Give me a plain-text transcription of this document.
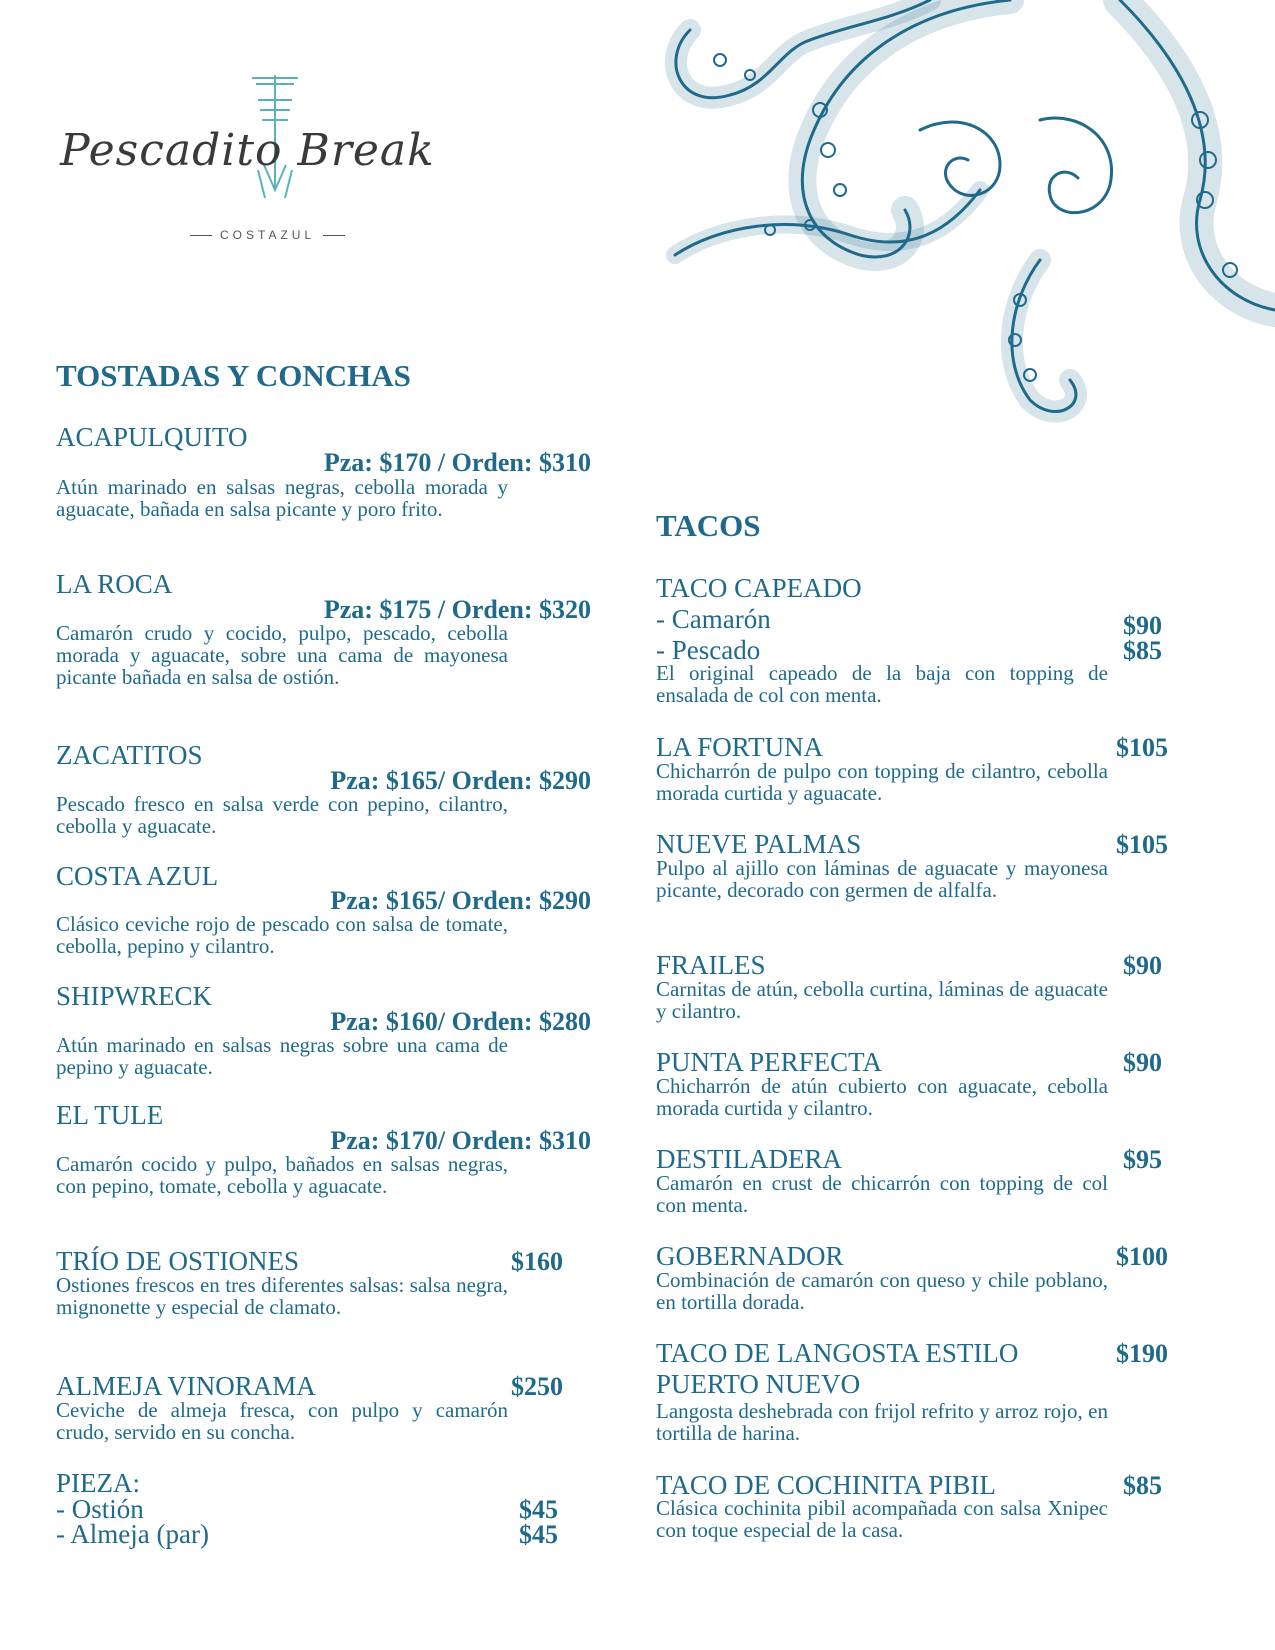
Pescadito Break
COSTAZUL
TOSTADAS Y CONCHAS
ACAPULQUITO
Pza: $170 / Orden: $310
Atún marinado en salsas negras, cebolla morada y aguacate, bañada en salsa picante y poro frito.
LA ROCA
Pza: $175 / Orden: $320
Camarón crudo y cocido, pulpo, pescado, cebolla morada y aguacate, sobre una cama de mayonesa picante bañada en salsa de ostión.
ZACATITOS
Pza: $165/ Orden: $290
Pescado fresco en salsa verde con pepino, cilantro, cebolla y aguacate.
COSTA AZUL
Pza: $165/ Orden: $290
Clásico ceviche rojo de pescado con salsa de tomate, cebolla, pepino y cilantro.
SHIPWRECK
Pza: $160/ Orden: $280
Atún marinado en salsas negras sobre una cama de pepino y aguacate.
EL TULE
Pza: $170/ Orden: $310
Camarón cocido y pulpo, bañados en salsas negras, con pepino, tomate, cebolla y aguacate.
TRÍO DE OSTIONES	$160
Ostiones frescos en tres diferentes salsas: salsa negra, mignonette y especial de clamato.
ALMEJA VINORAMA	$250
Ceviche de almeja fresca, con pulpo y camarón crudo, servido en su concha.
PIEZA:
- Ostión	$45
- Almeja (par)	$45
TACOS
TACO CAPEADO
- Camarón	$90
- Pescado	$85
El original capeado de la baja con topping de ensalada de col con menta.
LA FORTUNA	$105
Chicharrón de pulpo con topping de cilantro, cebolla morada curtida y aguacate.
NUEVE PALMAS	$105
Pulpo al ajillo con láminas de aguacate y mayonesa picante, decorado con germen de alfalfa.
FRAILES	$90
Carnitas de atún, cebolla curtina, láminas de aguacate y cilantro.
PUNTA PERFECTA	$90
Chicharrón de atún cubierto con aguacate, cebolla morada curtida y cilantro.
DESTILADERA	$95
Camarón en crust de chicarrón con topping de col con menta.
GOBERNADOR	$100
Combinación de camarón con queso y chile poblano, en tortilla dorada.
TACO DE LANGOSTA ESTILO	$190
PUERTO NUEVO
Langosta deshebrada con frijol refrito y arroz rojo, en tortilla de harina.
TACO DE COCHINITA PIBIL	$85
Clásica cochinita pibil acompañada con salsa Xnipec con toque especial de la casa.
